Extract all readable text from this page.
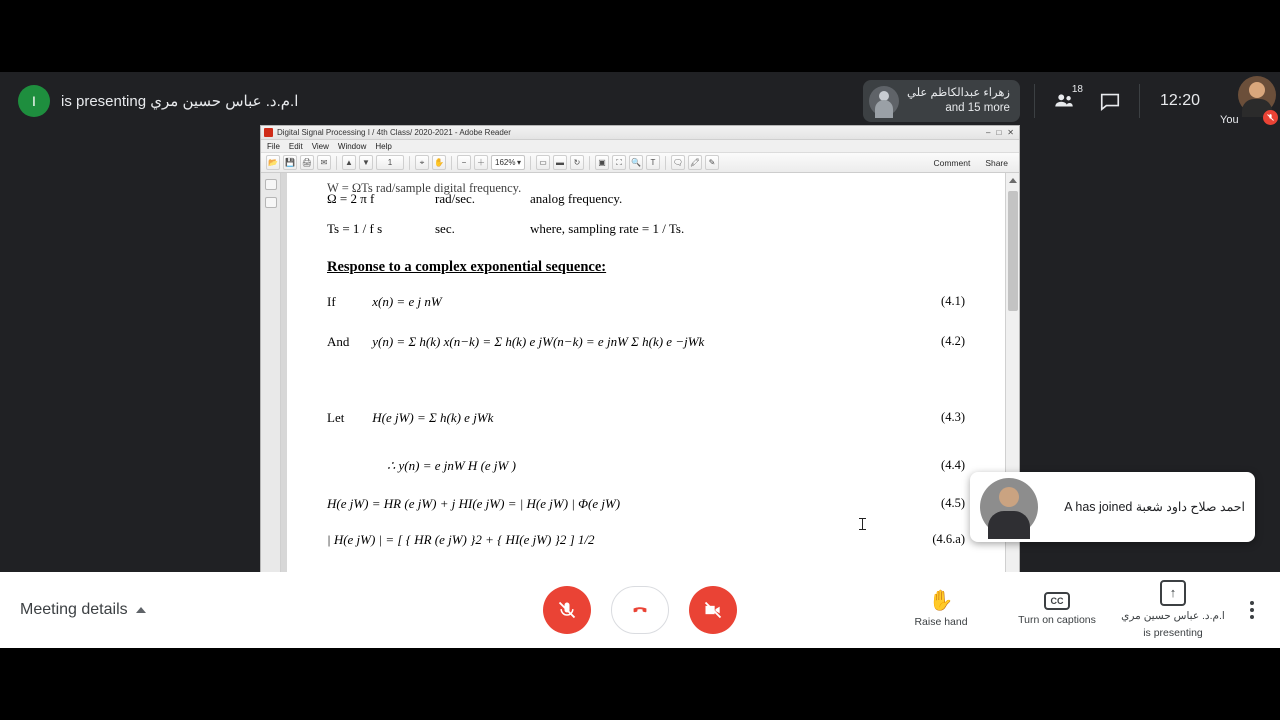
I	ا.م.د. عباس حسين مري is presenting	زهراء عبدالكاظم علي
and 15 more
18
12:20
You
Digital Signal Processing I / 4th Class/ 2020-2021 - Adobe Reader	– □ ✕
File Edit View Window Help
📂 💾 🖨	✉	▲	▼	1	⌖	✋	−	＋	162% ▾	▭	▬	↻	▣	⛶	🔍	T	🗨 🖍	✎	Comment	Share
W = ΩTs rad/sample digital frequency.
Ω = 2 π f	rad/sec.	analog frequency.
Ts = 1 / f s	sec.	where, sampling rate = 1 / Ts.
Response to a complex exponential sequence:
If	x(n) = e j nW	(4.1)
And y(n) = Σ h(k) x(n−k) = Σ h(k) e jW(n−k) = e jnW Σ h(k) e −jWk	(4.2)
Let H(e jW) = Σ h(k) e jWk	(4.3)
∴ y(n) = e jnW H (e jW )	(4.4)
H(e jW) = HR (e jW) + j HI(e jW) = | H(e jW) | Φ(e jW)	(4.5)
| H(e jW) | = [ { HR (e jW) }2 + { HI(e jW) }2 ] 1/2	(4.6.a)
احمد صلاح داود شعبة A has joined
Meeting details	✋
Raise hand
CC
Turn on captions
↑
ا.م.د. عباس حسين مري
is presenting
